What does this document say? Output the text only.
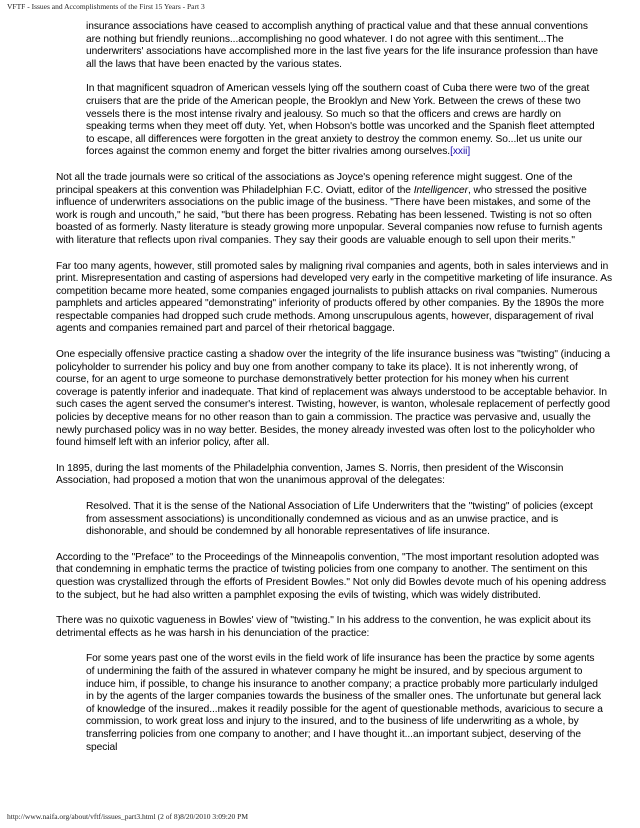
VFTF - Issues and Accomplishments of the First 15 Years - Part 3

insurance associations have ceased to accomplish anything of practical value and that these annual conventions are nothing but friendly reunions...accomplishing no good whatever. I do not agree with this sentiment...The underwriters' associations have accomplished more in the last five years for the life insurance profession than have all the laws that have been enacted by the various states.

In that magnificent squadron of American vessels lying off the southern coast of Cuba there were two of the great cruisers that are the pride of the American people, the Brooklyn and New York. Between the crews of these two vessels there is the most intense rivalry and jealousy. So much so that the officers and crews are hardly on speaking terms when they meet off duty. Yet, when Hobson's bottle was uncorked and the Spanish fleet attempted to escape, all differences were forgotten in the great anxiety to destroy the common enemy. So...let us unite our forces against the common enemy and forget the bitter rivalries among ourselves.[xxii]

Not all the trade journals were so critical of the associations as Joyce's opening reference might suggest. One of the principal speakers at this convention was Philadelphian F.C. Oviatt, editor of the Intelligencer, who stressed the positive influence of underwriters associations on the public image of the business. "There have been mistakes, and some of the work is rough and uncouth," he said, "but there has been progress. Rebating has been lessened. Twisting is not so often boasted of as formerly. Nasty literature is steady growing more unpopular. Several companies now refuse to furnish agents with literature that reflects upon rival companies. They say their goods are valuable enough to sell upon their merits."

Far too many agents, however, still promoted sales by maligning rival companies and agents, both in sales interviews and in print. Misrepresentation and casting of aspersions had developed very early in the competitive marketing of life insurance. As competition became more heated, some companies engaged journalists to publish attacks on rival companies. Numerous pamphlets and articles appeared "demonstrating" inferiority of products offered by other companies. By the 1890s the more respectable companies had dropped such crude methods. Among unscrupulous agents, however, disparagement of rival agents and companies remained part and parcel of their rhetorical baggage.

One especially offensive practice casting a shadow over the integrity of the life insurance business was "twisting" (inducing a policyholder to surrender his policy and buy one from another company to take its place). It is not inherently wrong, of course, for an agent to urge someone to purchase demonstratively better protection for his money when his current coverage is patently inferior and inadequate. That kind of replacement was always understood to be acceptable behavior. In such cases the agent served the consumer's interest. Twisting, however, is wanton, wholesale replacement of perfectly good policies by deceptive means for no other reason than to gain a commission. The practice was pervasive and, usually the newly purchased policy was in no way better. Besides, the money already invested was often lost to the policyholder who found himself left with an inferior policy, after all.

In 1895, during the last moments of the Philadelphia convention, James S. Norris, then president of the Wisconsin Association, had proposed a motion that won the unanimous approval of the delegates:

Resolved. That it is the sense of the National Association of Life Underwriters that the "twisting" of policies (except from assessment associations) is unconditionally condemned as vicious and as an unwise practice, and is dishonorable, and should be condemned by all honorable representatives of life insurance.

According to the "Preface" to the Proceedings of the Minneapolis convention, "The most important resolution adopted was that condemning in emphatic terms the practice of twisting policies from one company to another. The sentiment on this question was crystallized through the efforts of President Bowles." Not only did Bowles devote much of his opening address to the subject, but he had also written a pamphlet exposing the evils of twisting, which was widely distributed.

There was no quixotic vagueness in Bowles' view of "twisting." In his address to the convention, he was explicit about its detrimental effects as he was harsh in his denunciation of the practice:

For some years past one of the worst evils in the field work of life insurance has been the practice by some agents of undermining the faith of the assured in whatever company he might be insured, and by specious argument to induce him, if possible, to change his insurance to another company; a practice probably more particularly indulged in by the agents of the larger companies towards the business of the smaller ones. The unfortunate but general lack of knowledge of the insured...makes it readily possible for the agent of questionable methods, avaricious to secure a commission, to work great loss and injury to the insured, and to the business of life underwriting as a whole, by transferring policies from one company to another; and I have thought it...an important subject, deserving of the special

http://www.naifa.org/about/vftf/issues_part3.html (2 of 8)8/20/2010 3:09:20 PM
